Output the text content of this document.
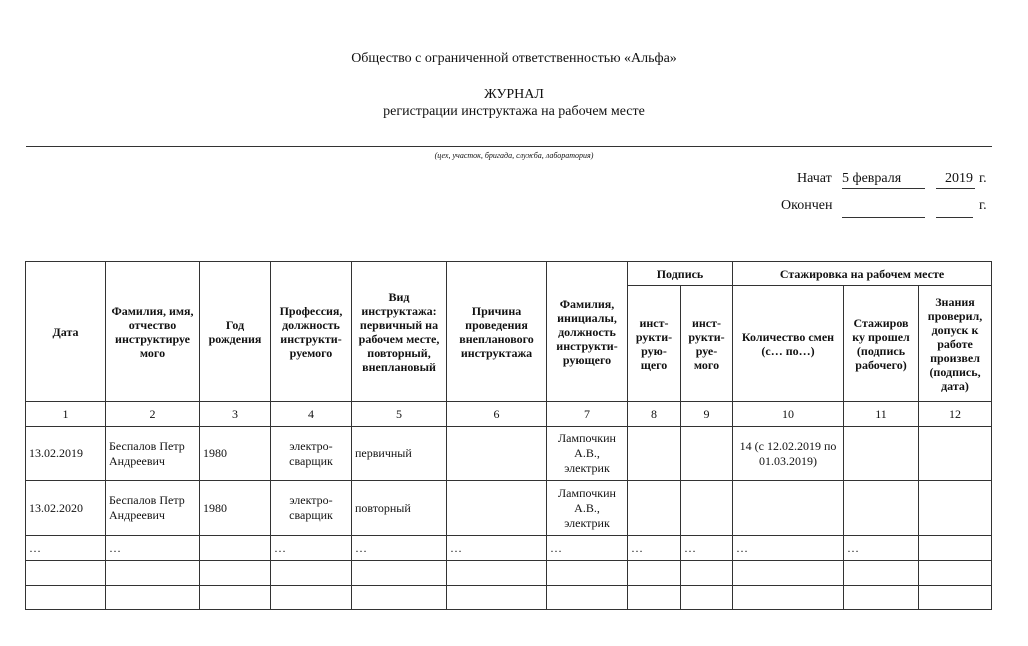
Общество с ограниченной ответственностью «Альфа»
ЖУРНАЛ
регистрации инструктажа на рабочем месте
(цех, участок, бригада, служба, лаборатория)
Начат 5 февраля	2019 г.
Окончен	г.
Дата	Фамилия, имя, отчество инструктируе мого	Год рождения	Профессия, должность инструкти- руемого	Вид инструктажа: первичный на рабочем месте, повторный, внеплановый	Причина проведения внепланового инструктажа	Фамилия, инициалы, должность инструкти- рующего	Подпись		Стажировка на рабочем месте		
							инст- рукти- рую- щего	инст- рукти- руе- мого	Количество смен (с… по…)	Стажиров ку прошел (подпись рабочего)	Знания проверил, допуск к работе произвел (подпись, дата)
1	2	3	4	5	6	7	8	9	10	11	12
13.02.2019	Беспалов Петр Андреевич	1980	электро- сварщик	первичный		Лампочкин А.В., электрик			14 (с 12.02.2019 по 01.03.2019)		
13.02.2020	Беспалов Петр Андреевич	1980	электро- сварщик	повторный		Лампочкин А.В., электрик					
…	…		…	…	…	…	…	…	…	…	
